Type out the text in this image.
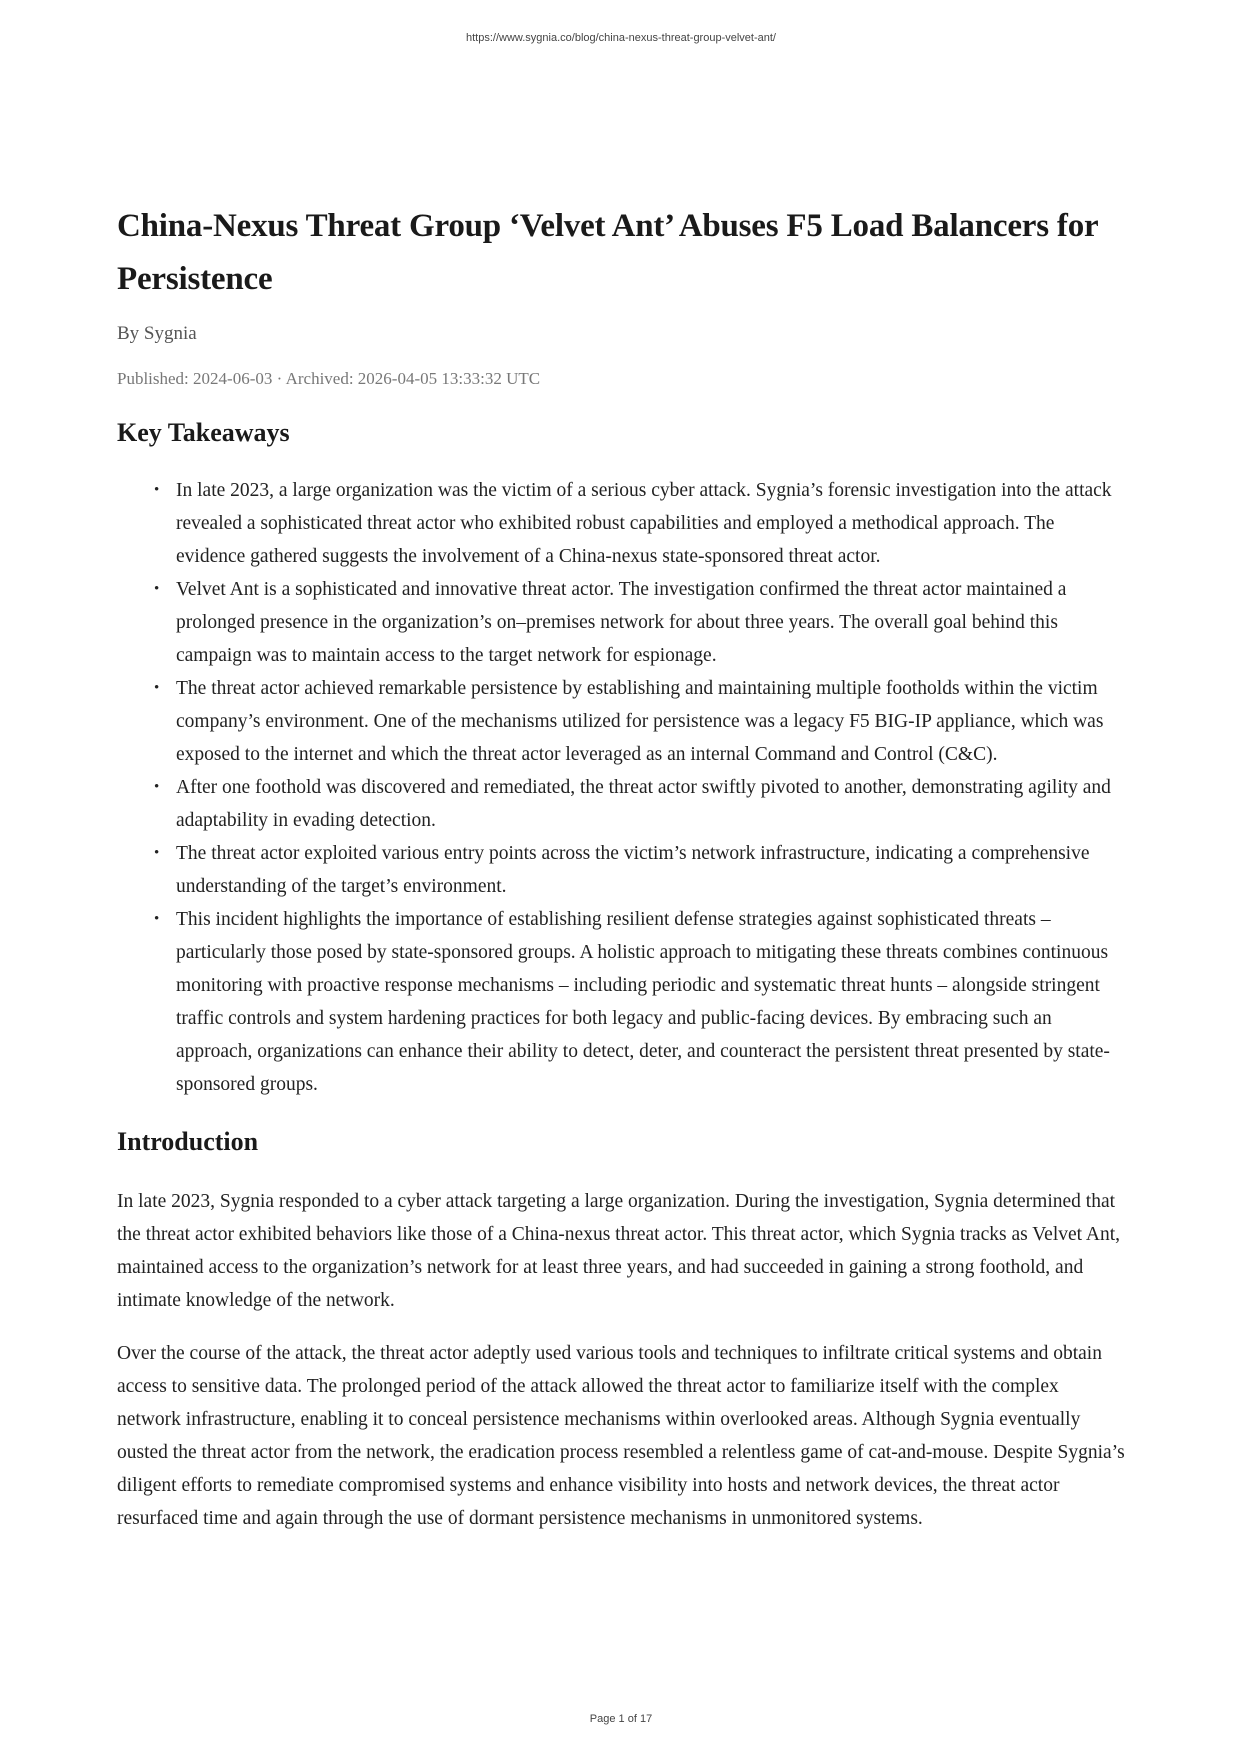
https://www.sygnia.co/blog/china-nexus-threat-group-velvet-ant/
China-Nexus Threat Group ‘Velvet Ant’ Abuses F5 Load Balancers for Persistence
By Sygnia
Published: 2024-06-03 · Archived: 2026-04-05 13:33:32 UTC
Key Takeaways
• In late 2023, a large organization was the victim of a serious cyber attack. Sygnia’s forensic investigation into the attack revealed a sophisticated threat actor who exhibited robust capabilities and employed a methodical approach. The evidence gathered suggests the involvement of a China-nexus state-sponsored threat actor.
• Velvet Ant is a sophisticated and innovative threat actor. The investigation confirmed the threat actor maintained a prolonged presence in the organization’s on–premises network for about three years. The overall goal behind this campaign was to maintain access to the target network for espionage.
• The threat actor achieved remarkable persistence by establishing and maintaining multiple footholds within the victim company’s environment. One of the mechanisms utilized for persistence was a legacy F5 BIG-IP appliance, which was exposed to the internet and which the threat actor leveraged as an internal Command and Control (C&C).
• After one foothold was discovered and remediated, the threat actor swiftly pivoted to another, demonstrating agility and adaptability in evading detection.
• The threat actor exploited various entry points across the victim’s network infrastructure, indicating a comprehensive understanding of the target’s environment.
• This incident highlights the importance of establishing resilient defense strategies against sophisticated threats – particularly those posed by state-sponsored groups. A holistic approach to mitigating these threats combines continuous monitoring with proactive response mechanisms – including periodic and systematic threat hunts – alongside stringent traffic controls and system hardening practices for both legacy and public-facing devices. By embracing such an approach, organizations can enhance their ability to detect, deter, and counteract the persistent threat presented by state-sponsored groups.
Introduction

In late 2023, Sygnia responded to a cyber attack targeting a large organization. During the investigation, Sygnia determined that the threat actor exhibited behaviors like those of a China-nexus threat actor. This threat actor, which Sygnia tracks as Velvet Ant, maintained access to the organization’s network for at least three years, and had succeeded in gaining a strong foothold, and intimate knowledge of the network.

Over the course of the attack, the threat actor adeptly used various tools and techniques to infiltrate critical systems and obtain access to sensitive data. The prolonged period of the attack allowed the threat actor to familiarize itself with the complex network infrastructure, enabling it to conceal persistence mechanisms within overlooked areas. Although Sygnia eventually ousted the threat actor from the network, the eradication process resembled a relentless game of cat-and-mouse. Despite Sygnia’s diligent efforts to remediate compromised systems and enhance visibility into hosts and network devices, the threat actor resurfaced time and again through the use of dormant persistence mechanisms in unmonitored systems.

Page 1 of 17
